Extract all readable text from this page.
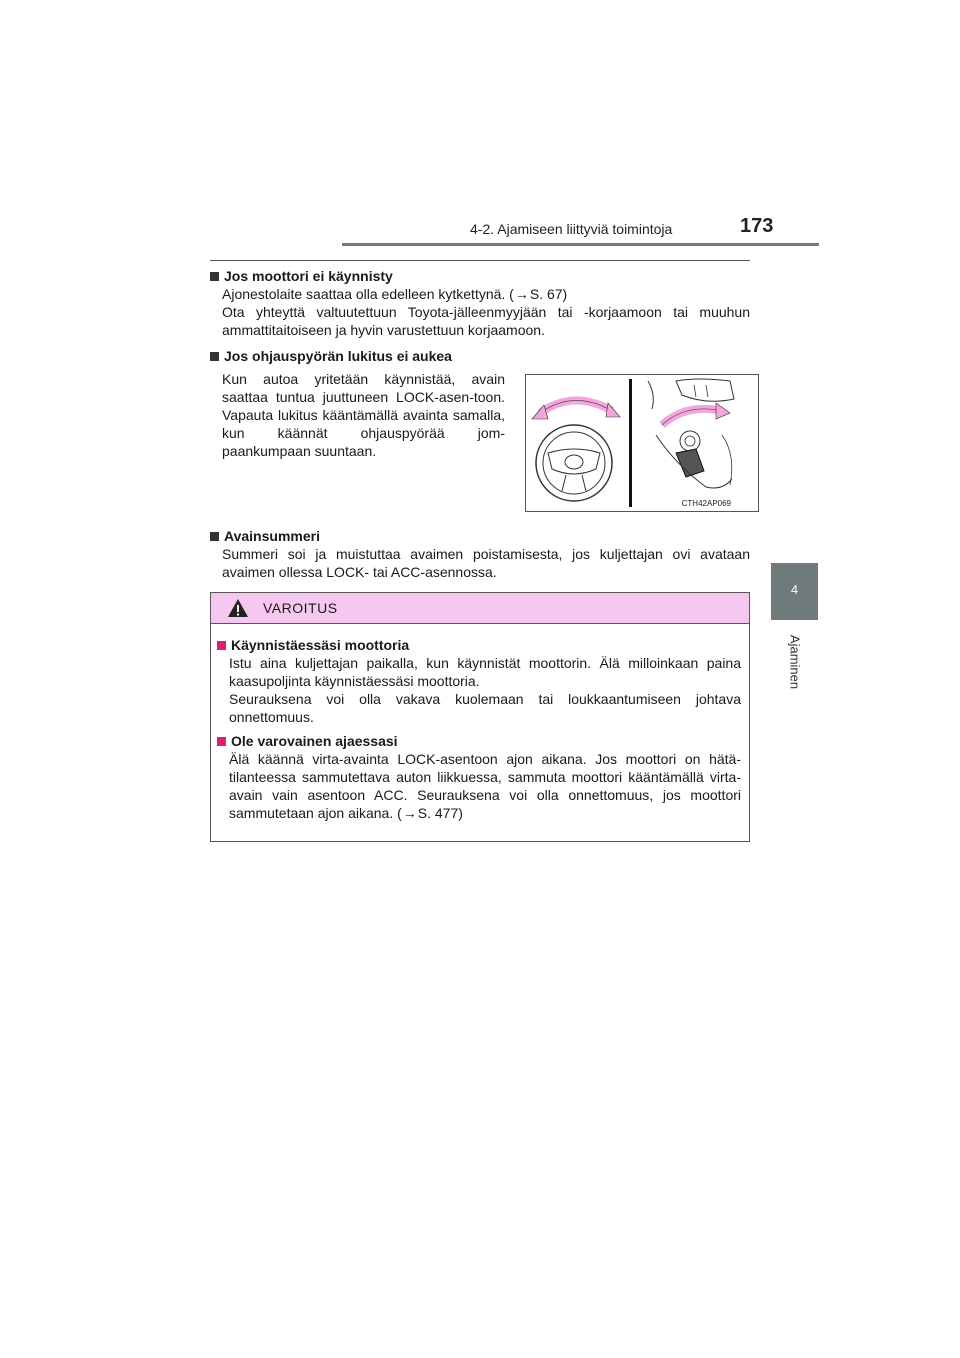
4-2. Ajamiseen liittyviä toimintoja	173
4
Ajaminen
Jos moottori ei käynnisty
Ajonestolaite saattaa olla edelleen kytkettynä. (→S. 67)
Ota yhteyttä valtuutettuun Toyota-jälleenmyyjään tai -korjaamoon tai muuhun ammattitaitoiseen ja hyvin varustettuun korjaamoon.
Jos ohjauspyörän lukitus ei aukea
Kun autoa yritetään käynnistää, avain saattaa tuntua juuttuneen LOCK-asen-toon. Vapauta lukitus kääntämällä avainta samalla, kun käännät ohjauspyörää jom-paankumpaan suuntaan.
CTH42AP069
Avainsummeri
Summeri soi ja muistuttaa avaimen poistamisesta, jos kuljettajan ovi avataan avaimen ollessa LOCK- tai ACC-asennossa.
VAROITUS
Käynnistäessäsi moottoria
Istu aina kuljettajan paikalla, kun käynnistät moottorin. Älä milloinkaan paina kaasupoljinta käynnistäessäsi moottoria.
Seurauksena voi olla vakava kuolemaan tai loukkaantumiseen johtava onnettomuus.
Ole varovainen ajaessasi
Älä käännä virta-avainta LOCK-asentoon ajon aikana. Jos moottori on hätä-tilanteessa sammutettava auton liikkuessa, sammuta moottori kääntämällä virta-avain vain asentoon ACC. Seurauksena voi olla onnettomuus, jos moottori sammutetaan ajon aikana. (→S. 477)
